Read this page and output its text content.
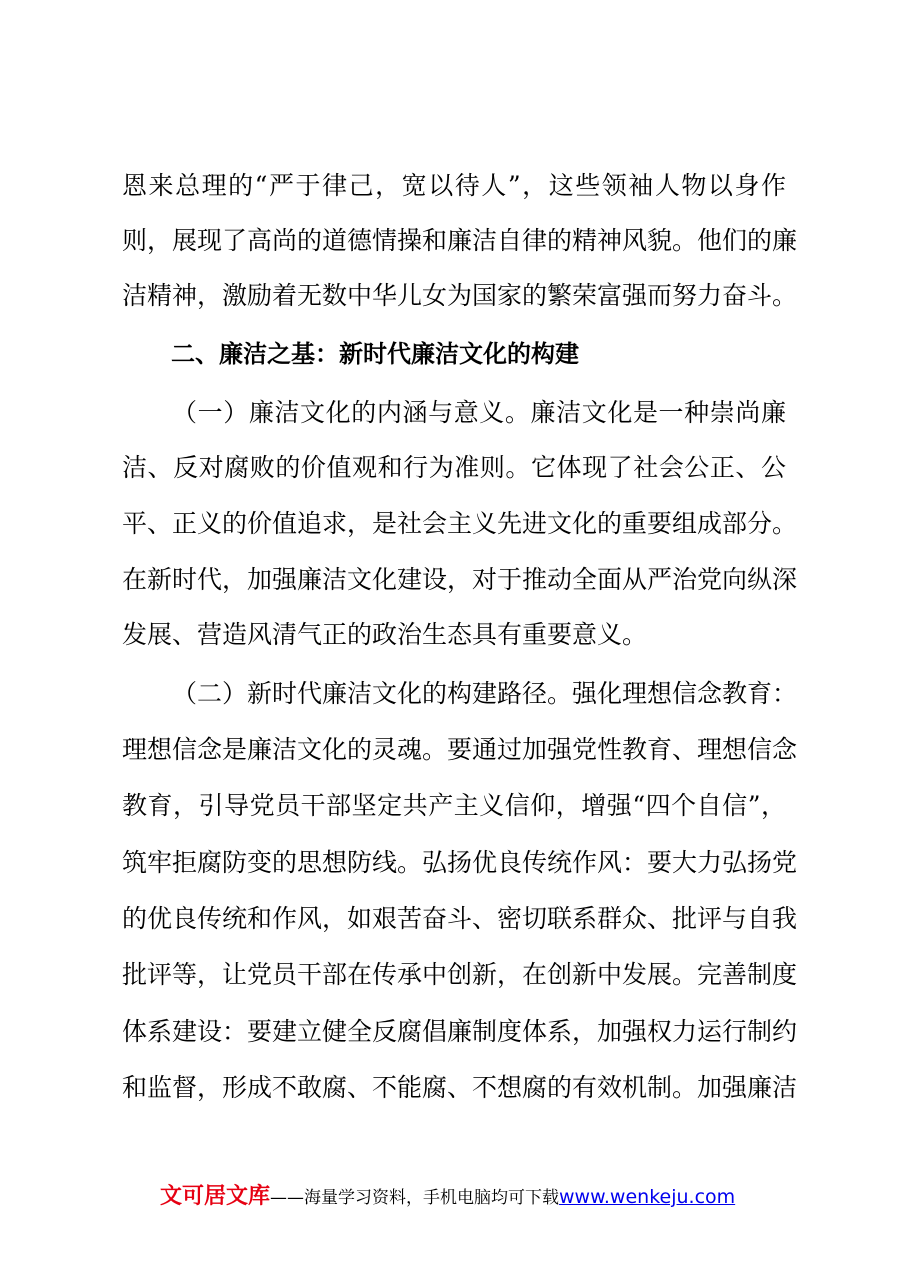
恩来总理的“严于律己，宽以待人”，这些领袖人物以身作
则，展现了高尚的道德情操和廉洁自律的精神风貌。他们的廉
洁精神，激励着无数中华儿女为国家的繁荣富强而努力奋斗。
二、廉洁之基：新时代廉洁文化的构建
（一）廉洁文化的内涵与意义。廉洁文化是一种崇尚廉
洁、反对腐败的价值观和行为准则。它体现了社会公正、公
平、正义的价值追求，是社会主义先进文化的重要组成部分。
在新时代，加强廉洁文化建设，对于推动全面从严治党向纵深
发展、营造风清气正的政治生态具有重要意义。
（二）新时代廉洁文化的构建路径。强化理想信念教育：
理想信念是廉洁文化的灵魂。要通过加强党性教育、理想信念
教育，引导党员干部坚定共产主义信仰，增强“四个自信”，
筑牢拒腐防变的思想防线。弘扬优良传统作风：要大力弘扬党
的优良传统和作风，如艰苦奋斗、密切联系群众、批评与自我
批评等，让党员干部在传承中创新，在创新中发展。完善制度
体系建设：要建立健全反腐倡廉制度体系，加强权力运行制约
和监督，形成不敢腐、不能腐、不想腐的有效机制。加强廉洁
文可居文库——海量学习资料，手机电脑均可下载www.wenkeju.com
